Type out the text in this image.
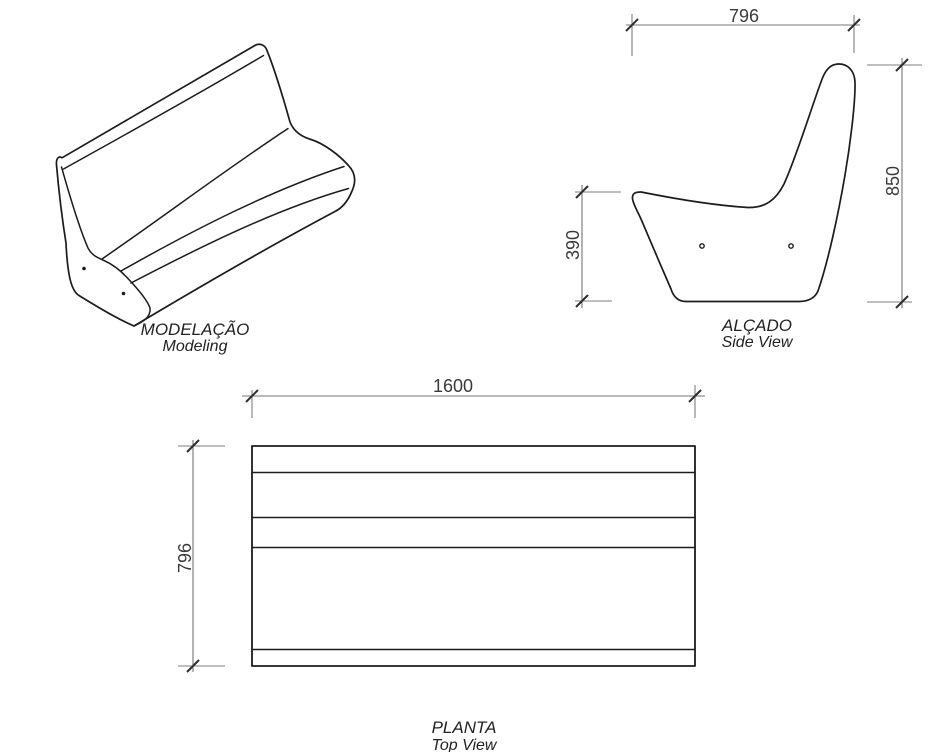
MODELAÇÃO
Modeling
796
850
390
ALÇADO
Side View
1600
796
PLANTA
Top View
